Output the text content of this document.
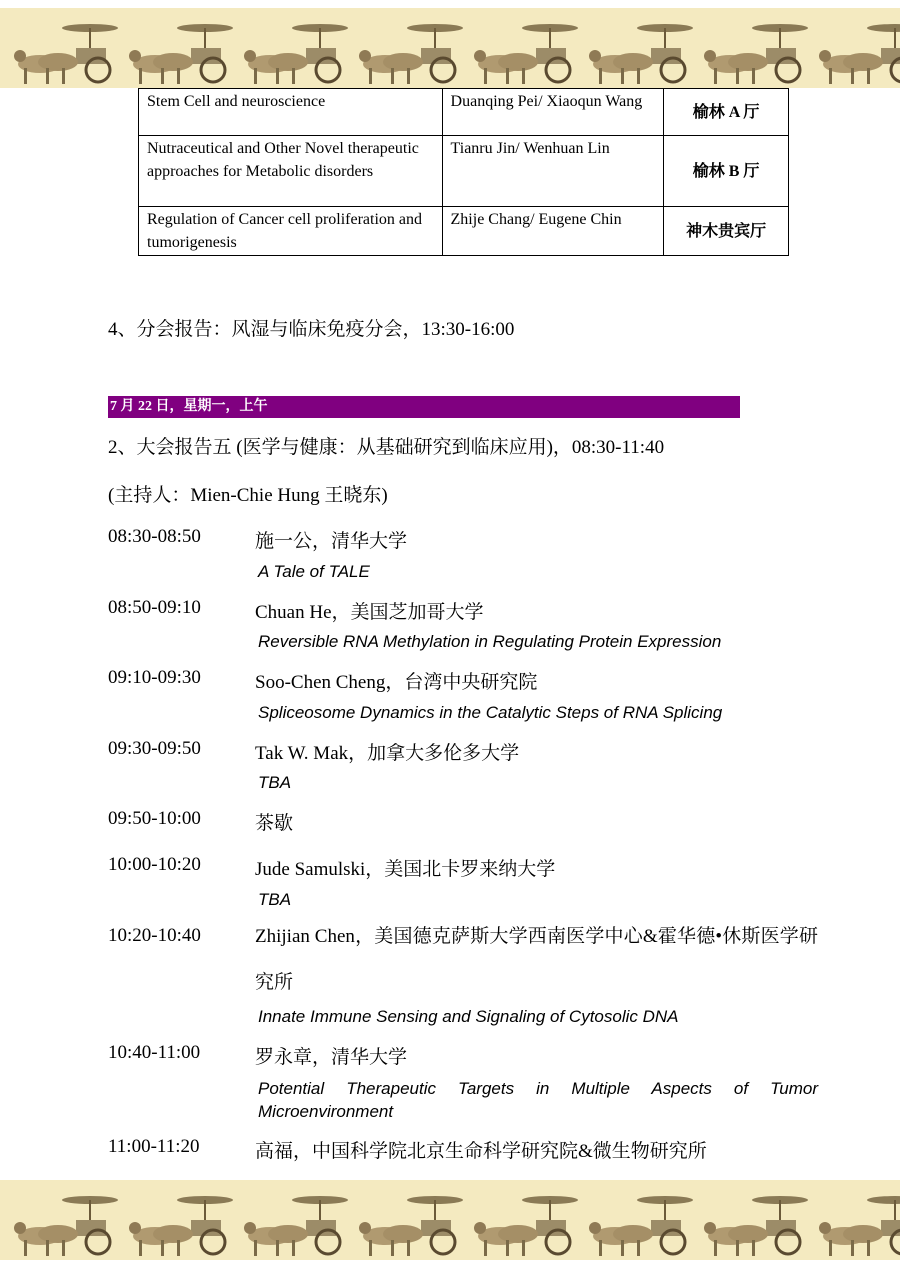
Stem Cell and neuroscience	Duanqing Pei/ Xiaoqun Wang	榆林 A 厅
Nutraceutical and Other Novel therapeutic approaches for Metabolic disorders	Tianru Jin/ Wenhuan Lin	榆林 B 厅
Regulation of Cancer cell proliferation and tumorigenesis	Zhije Chang/ Eugene Chin	神木贵宾厅
4、分会报告：风湿与临床免疫分会，13:30-16:00
7 月 22 日，星期一，上午
2、大会报告五 (医学与健康：从基础研究到临床应用)，08:30-11:40
(主持人：Mien-Chie Hung 王晓东)
08:30-08:50	施一公，清华大学
A Tale of TALE
08:50-09:10	Chuan He，美国芝加哥大学
Reversible RNA Methylation in Regulating Protein Expression
09:10-09:30	Soo-Chen Cheng，台湾中央研究院
Spliceosome Dynamics in the Catalytic Steps of RNA Splicing
09:30-09:50	Tak W. Mak，加拿大多伦多大学
TBA
09:50-10:00	茶歇
10:00-10:20	Jude Samulski，美国北卡罗来纳大学
TBA
10:20-10:40	Zhijian Chen，美国德克萨斯大学西南医学中心&霍华德•休斯医学研究所
Innate Immune Sensing and Signaling of Cytosolic DNA
10:40-11:00	罗永章，清华大学
Potential Therapeutic Targets in Multiple Aspects of Tumor Microenvironment
11:00-11:20	高福，中国科学院北京生命科学研究院&微生物研究所
